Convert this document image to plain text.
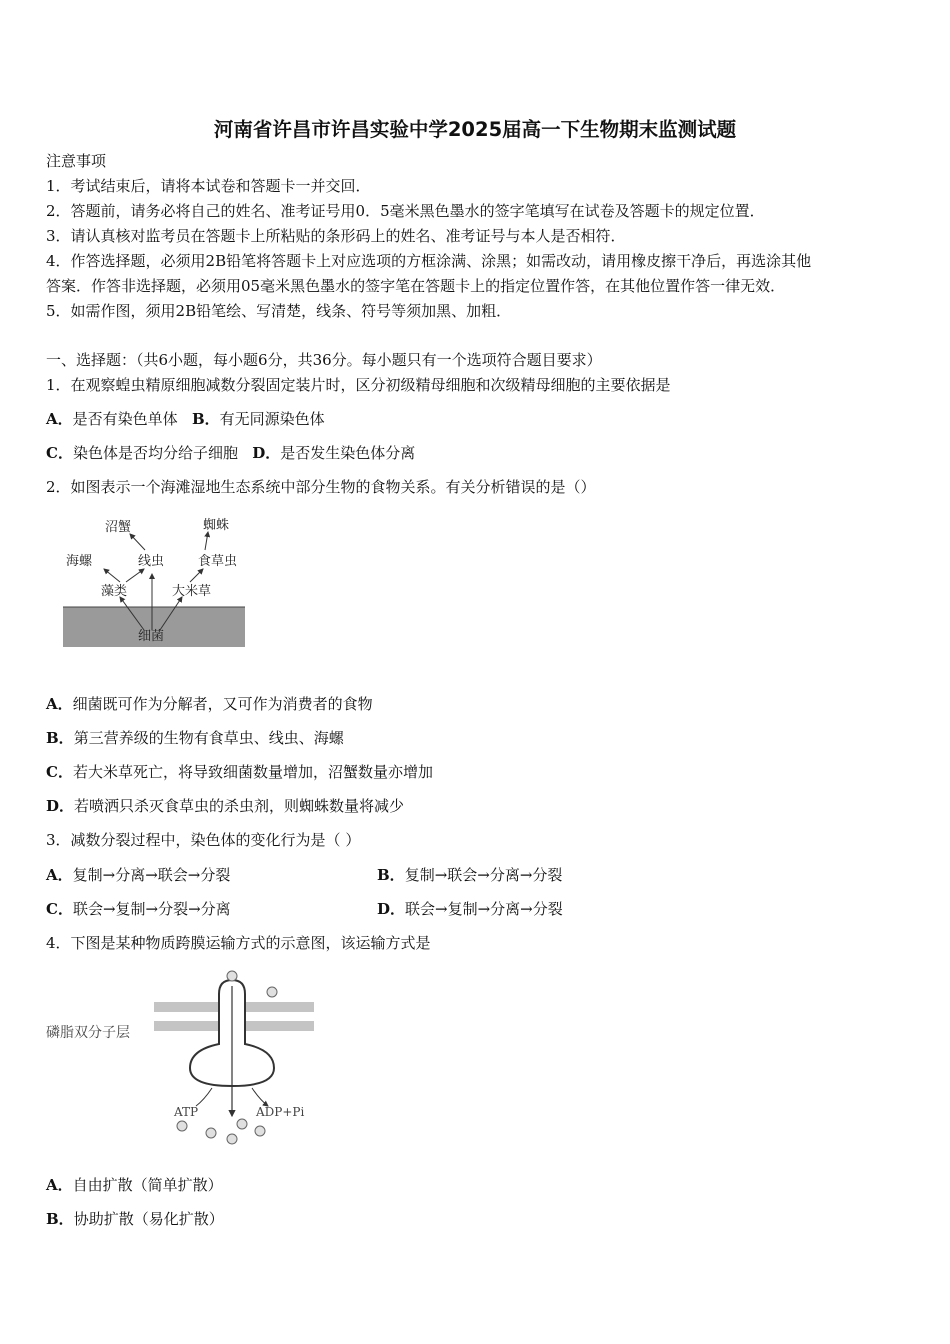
河南省许昌市许昌实验中学2025届高一下生物期末监测试题
注意事项
1．考试结束后，请将本试卷和答题卡一并交回．
2．答题前，请务必将自己的姓名、准考证号用0．5毫米黑色墨水的签字笔填写在试卷及答题卡的规定位置．
3．请认真核对监考员在答题卡上所粘贴的条形码上的姓名、准考证号与本人是否相符．
4．作答选择题，必须用2B铅笔将答题卡上对应选项的方框涂满、涂黑；如需改动，请用橡皮擦干净后，再选涂其他
答案．作答非选择题，必须用05毫米黑色墨水的签字笔在答题卡上的指定位置作答，在其他位置作答一律无效．
5．如需作图，须用2B铅笔绘、写清楚，线条、符号等须加黑、加粗．
一、选择题：（共6小题，每小题6分，共36分。每小题只有一个选项符合题目要求）
1．在观察蝗虫精原细胞减数分裂固定装片时，区分初级精母细胞和次级精母细胞的主要依据是
A．是否有染色单体 B．有无同源染色体
C．染色体是否均分给子细胞 D．是否发生染色体分离
2．如图表示一个海滩湿地生态系统中部分生物的食物关系。有关分析错误的是（）
沼蟹	蜘蛛
海螺	线虫	食草虫
藻类	大米草
细菌
A．细菌既可作为分解者，又可作为消费者的食物
B．第三营养级的生物有食草虫、线虫、海螺
C．若大米草死亡，将导致细菌数量增加，沼蟹数量亦增加
D．若喷洒只杀灭食草虫的杀虫剂，则蜘蛛数量将减少
3．减数分裂过程中，染色体的变化行为是（ ）
A．复制→分离→联会→分裂	B．复制→联会→分离→分裂
C．联会→复制→分裂→分离	D．联会→复制→分离→分裂
4．下图是某种物质跨膜运输方式的示意图，该运输方式是
磷脂双分子层
ATP	ADP+Pi
A．自由扩散（简单扩散）
B．协助扩散（易化扩散）
